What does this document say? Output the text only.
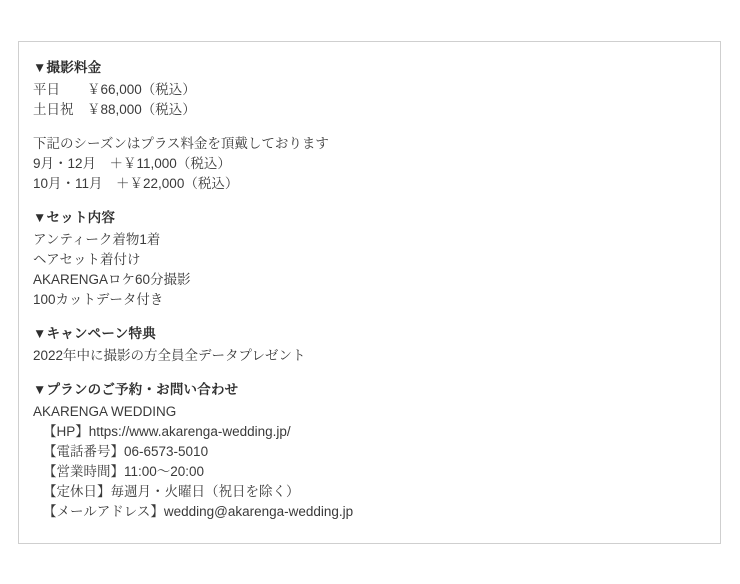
▼撮影料金

平日　　￥66,000（税込）

土日祝　￥88,000（税込）

下記のシーズンはプラス料金を頂戴しております

9月・12月　＋￥11,000（税込）

10月・11月　＋￥22,000（税込）

▼セット内容

アンティーク着物1着

ヘアセット着付け

AKARENGAロケ60分撮影

100カットデータ付き

▼キャンペーン特典

2022年中に撮影の方全員全データプレゼント

▼プランのご予約・お問い合わせ

AKARENGA WEDDING

【HP】https://www.akarenga-wedding.jp/

【電話番号】06-6573-5010

【営業時間】11:00〜20:00

【定休日】毎週月・火曜日（祝日を除く）

【メールアドレス】wedding@akarenga-wedding.jp
